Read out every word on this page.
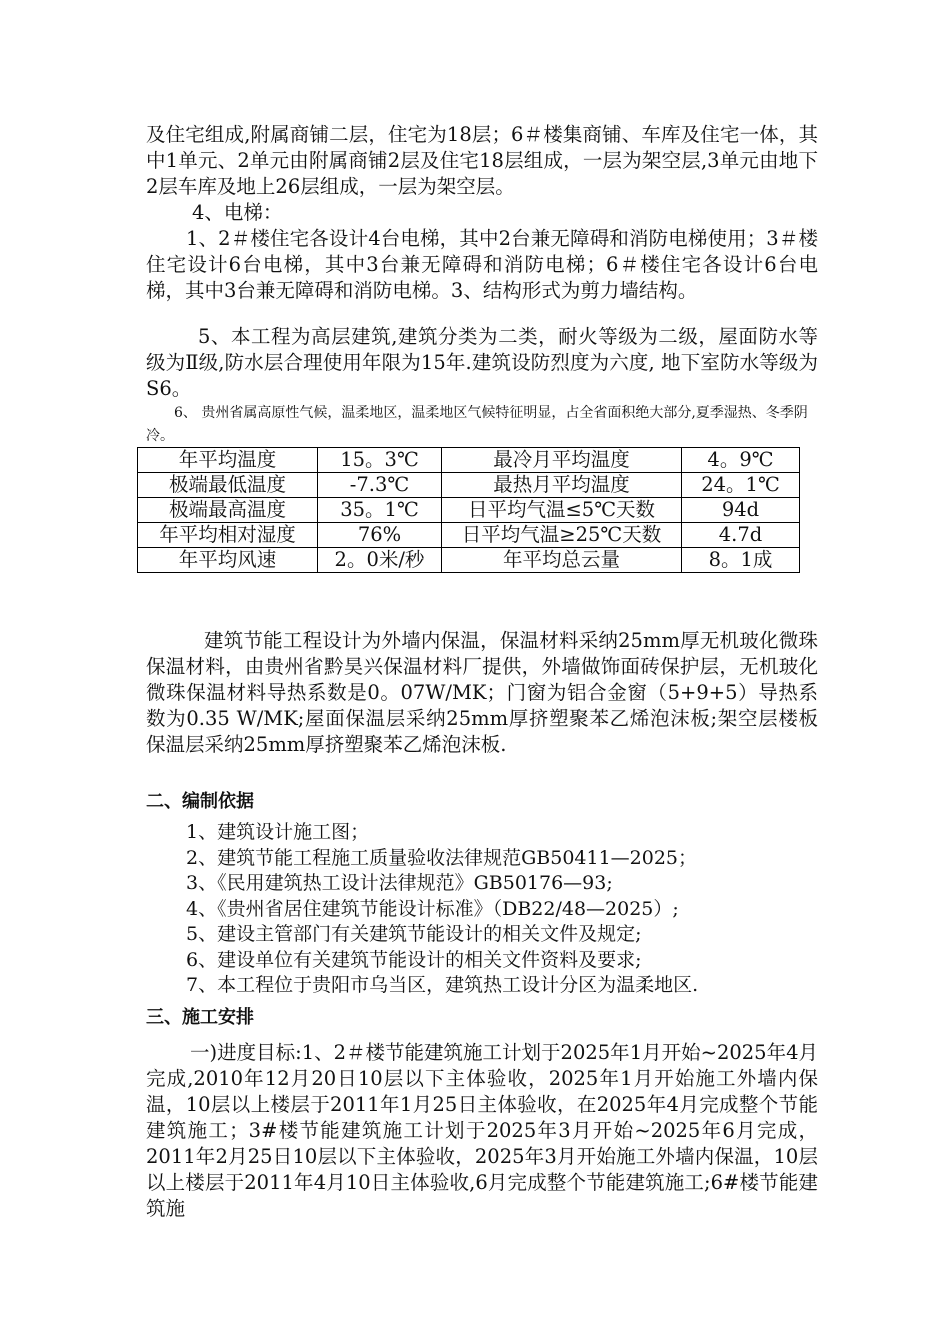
及住宅组成,附属商铺二层，住宅为18层；6＃楼集商铺、车库及住宅一体，其中1单元、2单元由附属商铺2层及住宅18层组成，一层为架空层,3单元由地下2层车库及地上26层组成，一层为架空层。

4、电梯：

1、2＃楼住宅各设计4台电梯，其中2台兼无障碍和消防电梯使用；3＃楼住宅设计6台电梯，其中3台兼无障碍和消防电梯；6＃楼住宅各设计6台电梯，其中3台兼无障碍和消防电梯。3、结构形式为剪力墙结构。

5、本工程为高层建筑,建筑分类为二类，耐火等级为二级，屋面防水等级为Ⅱ级,防水层合理使用年限为15年.建筑设防烈度为六度, 地下室防水等级为S6。

6、 贵州省属高原性气候，温柔地区，温柔地区气候特征明显，占全省面积绝大部分,夏季湿热、冬季阴冷。

年平均温度	15。3℃	最冷月平均温度	4。9℃
极端最低温度	-7.3℃	最热月平均温度	24。1℃
极端最高温度	35。1℃	日平均气温≤5℃天数	94d
年平均相对湿度	76%	日平均气温≥25℃天数	4.7d
年平均风速	2。0米/秒	年平均总云量	8。1成

建筑节能工程设计为外墙内保温，保温材料采纳25mm厚无机玻化微珠保温材料，由贵州省黔昊兴保温材料厂提供，外墙做饰面砖保护层，无机玻化微珠保温材料导热系数是0。07W/MK；门窗为铝合金窗（5+9+5）导热系数为0.35 W/MK;屋面保温层采纳25mm厚挤塑聚苯乙烯泡沫板;架空层楼板保温层采纳25mm厚挤塑聚苯乙烯泡沫板.

二、编制依据
1、建筑设计施工图；
2、建筑节能工程施工质量验收法律规范GB50411—2025；
3、《民用建筑热工设计法律规范》GB50176—93;
4、《贵州省居住建筑节能设计标准》（DB22/48—2025）;
5、建设主管部门有关建筑节能设计的相关文件及规定;
6、建设单位有关建筑节能设计的相关文件资料及要求;
7、本工程位于贵阳市乌当区，建筑热工设计分区为温柔地区.
三、施工安排

一)进度目标:1、2＃楼节能建筑施工计划于2025年1月开始~2025年4月完成,2010年12月20日10层以下主体验收，2025年1月开始施工外墙内保温，10层以上楼层于2011年1月25日主体验收，在2025年4月完成整个节能建筑施工；3#楼节能建筑施工计划于2025年3月开始~2025年6月完成，2011年2月25日10层以下主体验收，2025年3月开始施工外墙内保温，10层以上楼层于2011年4月10日主体验收,6月完成整个节能建筑施工;6#楼节能建筑施
